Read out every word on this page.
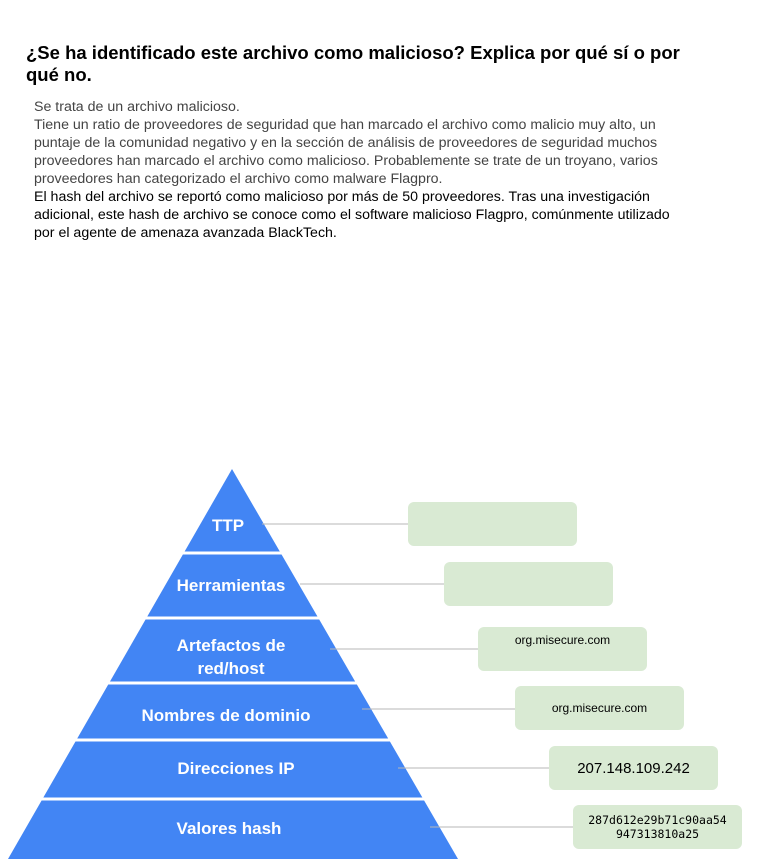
¿Se ha identificado este archivo como malicioso? Explica por qué sí o por qué no.

Se trata de un archivo malicioso.

Tiene un ratio de proveedores de seguridad que han marcado el archivo como malicio muy alto, un puntaje de la comunidad negativo y en la sección de análisis de proveedores de seguridad muchos proveedores han marcado el archivo como malicioso. Probablemente se trate de un troyano, varios proveedores han categorizado el archivo como malware Flagpro.

El hash del archivo se reportó como malicioso por más de 50 proveedores. Tras una investigación adicional, este hash de archivo se conoce como el software malicioso Flagpro, comúnmente utilizado por el agente de amenaza avanzada BlackTech.

TTP
Herramientas
Artefactos de
red/host
Nombres de dominio
Direcciones IP
Valores hash
org.misecure.com
org.misecure.com
207.148.109.242
287d612e29b71c90aa54
947313810a25
